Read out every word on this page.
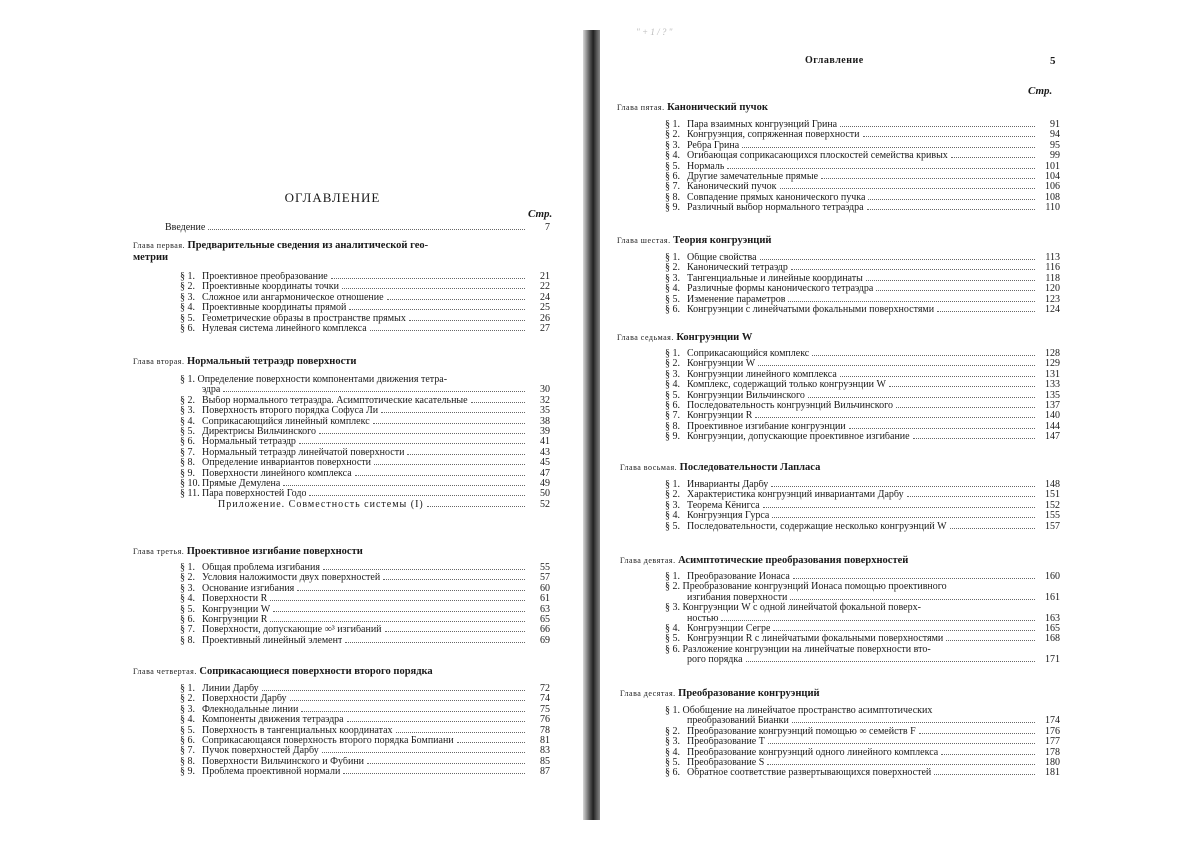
ОГЛАВЛЕНИЕ
Стр.
Введение	7
Глава первая. Предварительные сведения из аналитической гео-
метрии
§ 1. Проективное преобразование	21
§ 2. Проективные координаты точки	22
§ 3. Сложное или ангармоническое отношение	24
§ 4. Проективные координаты прямой	25
§ 5. Геометрические образы в пространстве прямых	26
§ 6. Нулевая система линейного комплекса	27
Глава вторая. Нормальный тетраэдр поверхности
§ 1. Определение поверхности компонентами движения тетра-
эдра	30
§ 2. Выбор нормального тетраэдра. Асимптотические касательные	32
§ 3. Поверхность второго порядка Софуса Ли	35
§ 4. Соприкасающийся линейный комплекс	38
§ 5. Директрисы Вильчинского	39
§ 6. Нормальный тетраэдр	41
§ 7. Нормальный тетраэдр линейчатой поверхности	43
§ 8. Определение инвариантов поверхности	45
§ 9. Поверхности линейного комплекса	47
§ 10. Прямые Демулена	49
§ 11. Пара поверхностей Годо	50
Приложение. Совместность системы (I)	52
Глава третья. Проективное изгибание поверхности
§ 1. Общая проблема изгибания	55
§ 2. Условия наложимости двух поверхностей	57
§ 3. Основание изгибания	60
§ 4. Поверхности R	61
§ 5. Конгруэнции W	63
§ 6. Конгруэнции R	65
§ 7. Поверхности, допускающие ∞³ изгибаний	66
§ 8. Проективный линейный элемент	69
Глава четвертая. Соприкасающиеся поверхности второго порядка
§ 1. Линии Дарбу	72
§ 2. Поверхности Дарбу	74
§ 3. Флекнодальные линии	75
§ 4. Компоненты движения тетраэдра	76
§ 5. Поверхность в тангенциальных координатах	78
§ 6. Соприкасающаяся поверхность второго порядка Бомпиани	81
§ 7. Пучок поверхностей Дарбу	83
§ 8. Поверхности Вильчинского и Фубини	85
§ 9. Проблема проективной нормали	87
" + 1 / ? "
Оглавление	5
Стр.
Глава пятая. Канонический пучок
§ 1. Пара взаимных конгруэнций Грина	91
§ 2. Конгруэнция, сопряженная поверхности	94
§ 3. Ребра Грина	95
§ 4. Огибающая соприкасающихся плоскостей семейства кривых	99
§ 5. Нормаль	101
§ 6. Другие замечательные прямые	104
§ 7. Канонический пучок	106
§ 8. Совпадение прямых канонического пучка	108
§ 9. Различный выбор нормального тетраэдра	110
Глава шестая. Теория конгруэнций
§ 1. Общие свойства	113
§ 2. Канонический тетраэдр	116
§ 3. Тангенциальные и линейные координаты	118
§ 4. Различные формы канонического тетраэдра	120
§ 5. Изменение параметров	123
§ 6. Конгруэнции с линейчатыми фокальными поверхностями	124
Глава седьмая. Конгруэнции W
§ 1. Соприкасающийся комплекс	128
§ 2. Конгруэнции W	129
§ 3. Конгруэнции линейного комплекса	131
§ 4. Комплекс, содержащий только конгруэнции W	133
§ 5. Конгруэнции Вильчинского	135
§ 6. Последовательность конгруэнций Вильчинского	137
§ 7. Конгруэнции R	140
§ 8. Проективное изгибание конгруэнции	144
§ 9. Конгруэнции, допускающие проективное изгибание	147
Глава восьмая. Последовательности Лапласа
§ 1. Инварианты Дарбу	148
§ 2. Характеристика конгруэнций инвариантами Дарбу	151
§ 3. Теорема Кёнигса	152
§ 4. Конгруэнция Гурса	155
§ 5. Последовательности, содержащие несколько конгруэнций W	157
Глава девятая. Асимптотические преобразования поверхностей
§ 1. Преобразование Ионаса	160
§ 2. Преобразование конгруэнций Ионаса помощью проективного
изгибания поверхности	161
§ 3. Конгруэнции W с одной линейчатой фокальной поверх-
ностью	163
§ 4. Конгруэнции Сегре	165
§ 5. Конгруэнции R с линейчатыми фокальными поверхностями	168
§ 6. Разложение конгруэнции на линейчатые поверхности вто-
рого порядка	171
Глава десятая. Преобразование конгруэнций
§ 1. Обобщение на линейчатое пространство асимптотических
преобразований Бианки	174
§ 2. Преобразование конгруэнций помощью ∞ семейств F	176
§ 3. Преобразование T	177
§ 4. Преобразование конгруэнций одного линейного комплекса	178
§ 5. Преобразование S	180
§ 6. Обратное соответствие развертывающихся поверхностей	181
